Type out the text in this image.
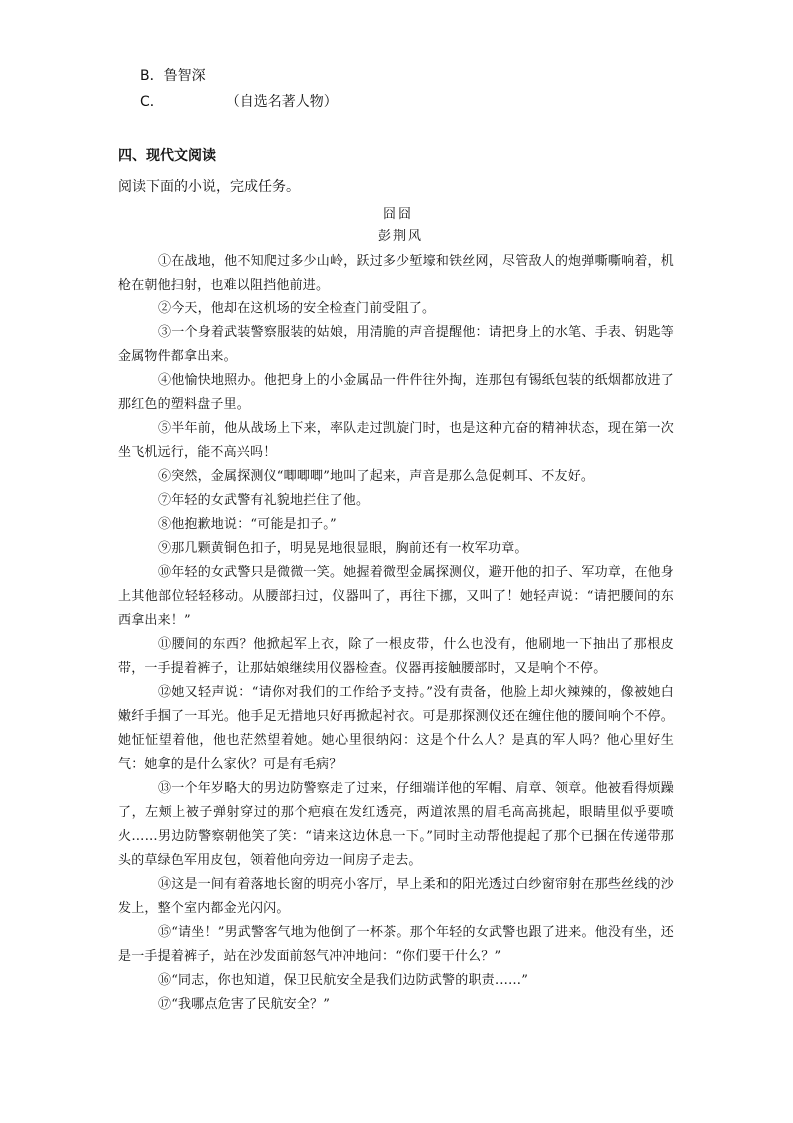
B．鲁智深
C．	（自选名著人物）
四、现代文阅读
阅读下面的小说，完成任务。
囧囧
彭荆风

①在战地，他不知爬过多少山岭，跃过多少堑壕和铁丝网，尽管敌人的炮弹嘶嘶响着，机枪在朝他扫射，也难以阻挡他前进。

②今天，他却在这机场的安全检查门前受阻了。

③一个身着武装警察服装的姑娘，用清脆的声音提醒他：请把身上的水笔、手表、钥匙等金属物件都拿出来。

④他愉快地照办。他把身上的小金属品一件件往外掏，连那包有锡纸包装的纸烟都放进了那红色的塑料盘子里。

⑤半年前，他从战场上下来，率队走过凯旋门时，也是这种亢奋的精神状态，现在第一次坐飞机远行，能不高兴吗！

⑥突然，金属探测仪“唧唧唧”地叫了起来，声音是那么急促刺耳、不友好。

⑦年轻的女武警有礼貌地拦住了他。

⑧他抱歉地说：“可能是扣子。”

⑨那几颗黄铜色扣子，明晃晃地很显眼，胸前还有一枚军功章。

⑩年轻的女武警只是微微一笑。她握着微型金属探测仪，避开他的扣子、军功章，在他身上其他部位轻轻移动。从腰部扫过，仪器叫了，再往下挪，又叫了！她轻声说：“请把腰间的东西拿出来！”

⑪腰间的东西？他掀起军上衣，除了一根皮带，什么也没有，他刷地一下抽出了那根皮带，一手提着裤子，让那姑娘继续用仪器检查。仪器再接触腰部时，又是响个不停。

⑫她又轻声说：“请你对我们的工作给予支持。”没有责备，他脸上却火辣辣的，像被她白嫩纤手掴了一耳光。他手足无措地只好再掀起衬衣。可是那探测仪还在缠住他的腰间响个不停。她怔怔望着他，他也茫然望着她。她心里很纳闷：这是个什么人？是真的军人吗？他心里好生气：她拿的是什么家伙？可是有毛病？

⑬一个年岁略大的男边防警察走了过来，仔细端详他的军帽、肩章、领章。他被看得烦躁了，左颊上被子弹射穿过的那个疤痕在发红透亮，两道浓黑的眉毛高高挑起，眼睛里似乎要喷火……男边防警察朝他笑了笑：“请来这边休息一下。”同时主动帮他提起了那个已捆在传递带那头的草绿色军用皮包，领着他向旁边一间房子走去。

⑭这是一间有着落地长窗的明亮小客厅，早上柔和的阳光透过白纱窗帘射在那些丝线的沙发上，整个室内都金光闪闪。

⑮“请坐！”男武警客气地为他倒了一杯茶。那个年轻的女武警也跟了进来。他没有坐，还是一手提着裤子，站在沙发面前怒气冲冲地问：“你们要干什么？”

⑯“同志，你也知道，保卫民航安全是我们边防武警的职责……”

⑰“我哪点危害了民航安全？”
